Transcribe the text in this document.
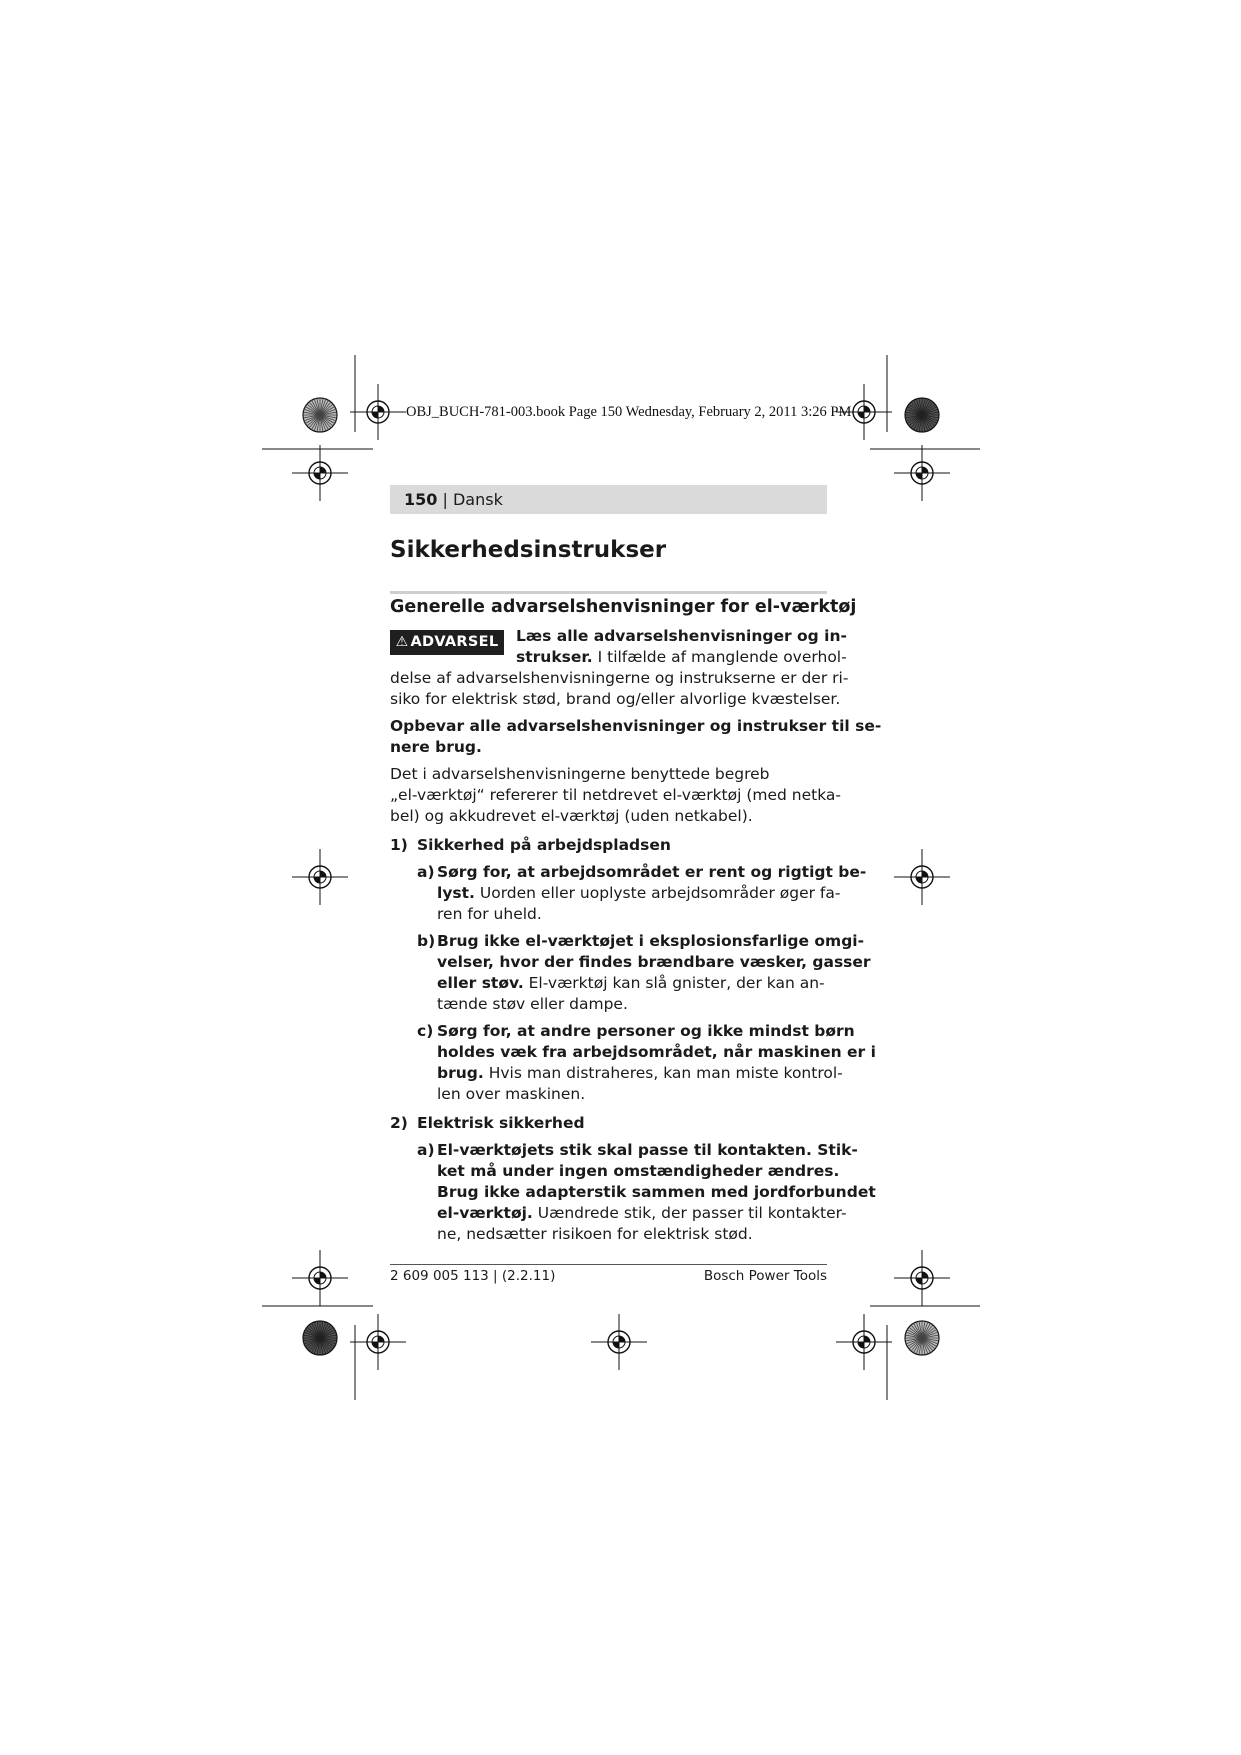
OBJ_BUCH-781-003.book Page 150 Wednesday, February 2, 2011 3:26 PM
150 | Dansk
Sikkerhedsinstrukser
Generelle advarselshenvisninger for el-værktøj
⚠ ADVARSEL	Læs alle advarselshenvisninger og in-
strukser. I tilfælde af manglende overhol-
delse af advarselshenvisningerne og instrukserne er der ri-
siko for elektrisk stød, brand og/eller alvorlige kvæstelser.
Opbevar alle advarselshenvisninger og instrukser til se-
nere brug.
Det i advarselshenvisningerne benyttede begreb
„el-værktøj“ refererer til netdrevet el-værktøj (med netka-
bel) og akkudrevet el-værktøj (uden netkabel).
1) Sikkerhed på arbejdspladsen
a) Sørg for, at arbejdsområdet er rent og rigtigt be-
lyst. Uorden eller uoplyste arbejdsområder øger fa-
ren for uheld.
b) Brug ikke el-værktøjet i eksplosionsfarlige omgi-
velser, hvor der findes brændbare væsker, gasser
eller støv. El-værktøj kan slå gnister, der kan an-
tænde støv eller dampe.
c) Sørg for, at andre personer og ikke mindst børn
holdes væk fra arbejdsområdet, når maskinen er i
brug. Hvis man distraheres, kan man miste kontrol-
len over maskinen.
2) Elektrisk sikkerhed
a) El-værktøjets stik skal passe til kontakten. Stik-
ket må under ingen omstændigheder ændres.
Brug ikke adapterstik sammen med jordforbundet
el-værktøj. Uændrede stik, der passer til kontakter-
ne, nedsætter risikoen for elektrisk stød.
2 609 005 113 | (2.2.11)	Bosch Power Tools
